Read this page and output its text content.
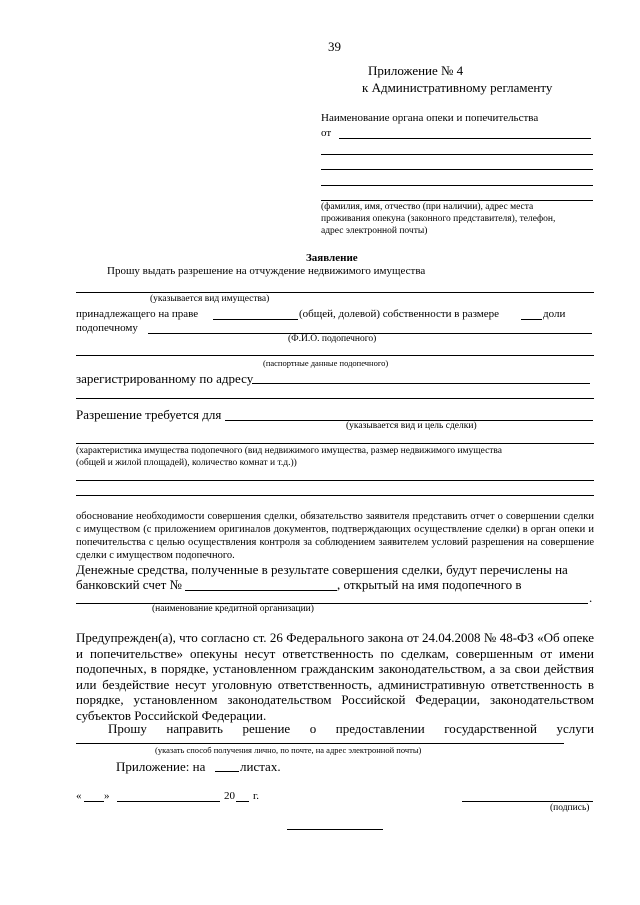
39
Приложение № 4
к Административному регламенту
Наименование органа опеки и попечительства
от
(фамилия, имя, отчество (при наличии), адрес места
проживания опекуна (законного представителя), телефон,
адрес электронной почты)
Заявление
Прошу выдать разрешение на отчуждение недвижимого имущества
(указывается вид имущества)
принадлежащего на праве	(общей, долевой) собственности в размере	доли
подопечному
(Ф.И.О. подопечного)
(паспортные данные подопечного)
зарегистрированному по адресу
Разрешение требуется для
(указывается вид и цель сделки)
(характеристика имущества подопечного (вид недвижимого имущества, размер недвижимого имущества
(общей и жилой площадей), количество комнат и т.д.))
обоснование необходимости совершения сделки, обязательство заявителя представить отчет о совершении сделки с имуществом (с приложением оригиналов документов, подтверждающих осуществление сделки) в орган опеки и попечительства с целью осуществления контроля за соблюдением заявителем условий разрешения на совершение сделки с имуществом подопечного.
Денежные средства, полученные в результате совершения сделки, будут перечислены на
банковский счет №	, открытый на имя подопечного в
.
(наименование кредитной организации)
Предупрежден(а), что согласно ст. 26 Федерального закона от 24.04.2008 № 48-ФЗ «Об опеке и попечительстве» опекуны несут ответственность по сделкам, совершенным от имени подопечных, в порядке, установленном гражданским законодательством, а за свои действия или бездействие несут уголовную ответственность, административную ответственность в порядке, установленном законодательством Российской Федерации, законодательством субъектов Российской Федерации.
Прошу направить решение о предоставлении государственной услуги
(указать способ получения лично, по почте, на адрес электронной почты)
Приложение: на	листах.
« »	20 г.
(подпись)
